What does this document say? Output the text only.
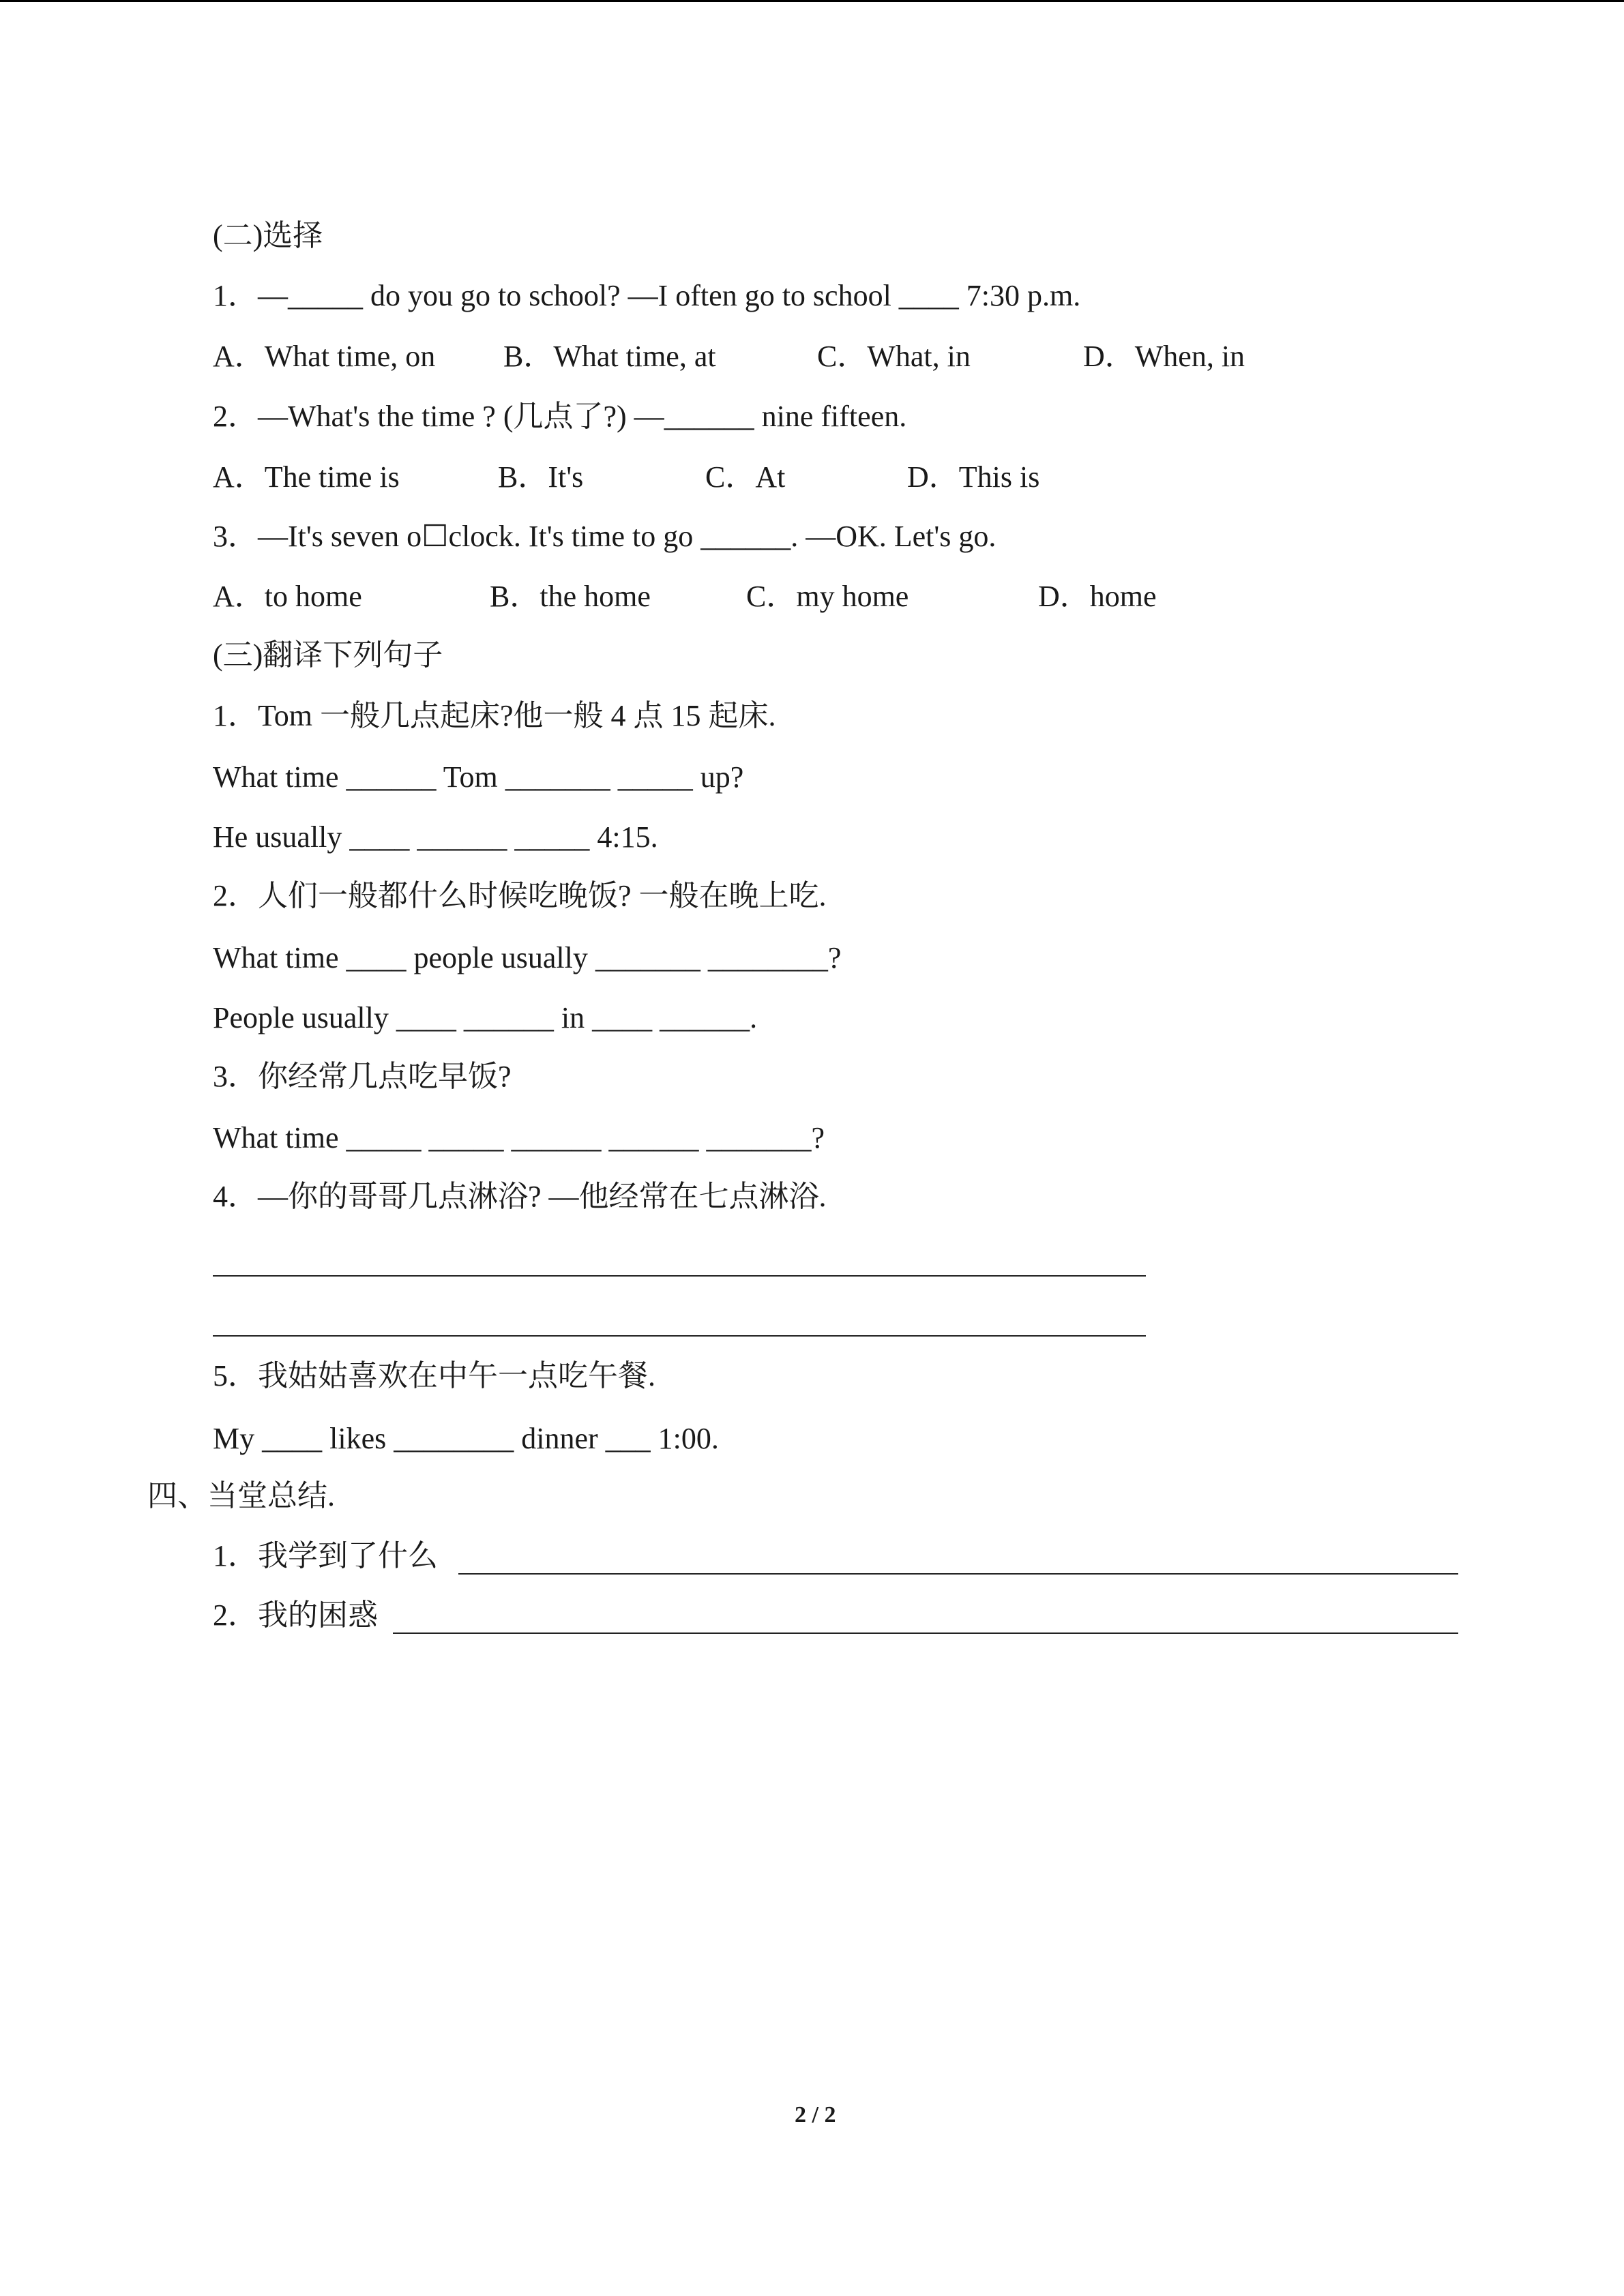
(二)选择
1．—_____ do you go to school? —I often go to school ____ 7:30 p.m.
A．What time, on B．What time, at	C．What, in	D．When, in
2．—What's the time ? (几点了?) —______ nine fifteen.
A．The time is	B．It's	C．At	D．This is
3．—It's seven o☐clock. It's time to go ______. —OK. Let's go.
A．to home	B．the home	C．my home	D．home
(三)翻译下列句子
1．Tom 一般几点起床?他一般 4 点 15 起床.
What time ______ Tom _______ _____ up?
He usually ____ ______ _____ 4:15.
2．人们一般都什么时候吃晚饭? 一般在晚上吃.
What time ____ people usually _______ ________?
People usually ____ ______ in ____ ______.
3．你经常几点吃早饭?
What time _____ _____ ______ ______ _______?
4．—你的哥哥几点淋浴? —他经常在七点淋浴.
5．我姑姑喜欢在中午一点吃午餐.
My ____ likes ________ dinner ___ 1:00.
四、当堂总结.
1．我学到了什么
2．我的困惑
2 / 2
